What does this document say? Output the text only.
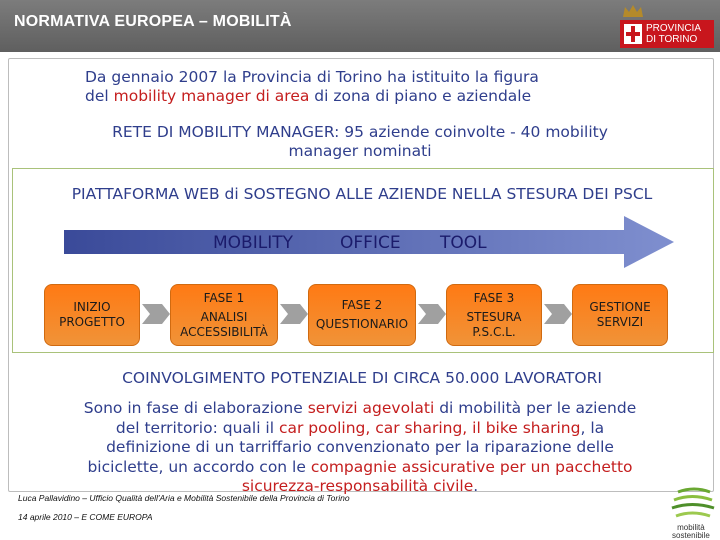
NORMATIVA EUROPEA – MOBILITÀ	PROVINCIA
DI TORINO
Da gennaio 2007 la Provincia di Torino ha istituito la figura
del mobility manager di area di zona di piano e aziendale
RETE DI MOBILITY MANAGER: 95 aziende coinvolte - 40 mobility
manager nominati
PIATTAFORMA WEB di SOSTEGNO ALLE AZIENDE NELLA STESURA DEI PSCL
MOBILITY	OFFICE TOOL
INIZIO
PROGETTO
FASE 1
ANALISI
ACCESSIBILITÀ
FASE 2
QUESTIONARIO
FASE 3
STESURA
P.S.C.L.
GESTIONE
SERVIZI
COINVOLGIMENTO POTENZIALE DI CIRCA 50.000 LAVORATORI
Sono in fase di elaborazione servizi agevolati di mobilità per le aziende
del territorio: quali il car pooling, car sharing, il bike sharing, la
definizione di un tarriffario convenzionato per la riparazione delle
biciclette, un accordo con le compagnie assicurative per un pacchetto
sicurezza-responsabilità civile.
Luca Pallavidino – Ufficio Qualità dell'Aria e Mobilità Sostenibile della Provincia di Torino
14 aprile 2010 – E COME EUROPA
mobilità
sostenibile
